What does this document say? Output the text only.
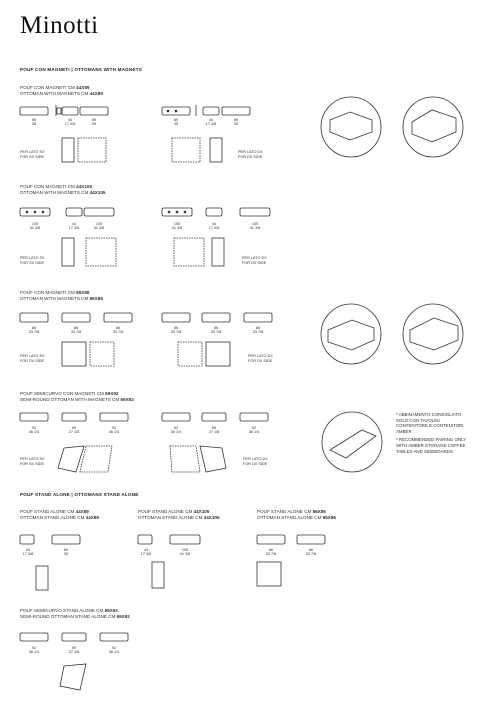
Minotti
POUF CON MAGNETI | OTTOMANS WITH MAGNETS
POUF STAND ALONE | OTTOMANS STAND ALONE
POUF CON MAGNETI CM 44X89
OTTOMAN WITH MAGNETS CM 44X89
POUF CON MAGNETI CM 44X105
OTTOMAN WITH MAGNETS CM 44X105
POUF CON MAGNETI CM 86X86
OTTOMAN WITH MAGNETS CM 86X86
POUF SEMICURVO CON MAGNETI CM 69X92
SEMI-ROUND OTTOMAN WITH MAGNETS CM 69X92
POUF STAND ALONE CM 44X89
OTTOMAN STAND ALONE CM 44X89
POUF STAND ALONE CM 44X105
OTTOMAN STAND ALONE CM 44X105
POUF STAND ALONE CM 86X86
OTTOMAN STAND ALONE CM 86X86
POUF SEMICURVO STAND ALONE CM 69X92
SEMI-ROUND OTTOMAN STAND ALONE CM 69X92
PER LATO SX
FOR SX SIDE
PER LATO DX
FOR DX SIDE
PER LATO SX
FOR SX SIDE
PER LATO DX
FOR DX SIDE
PER LATO SX
FOR SX SIDE
PER LATO DX
FOR DX SIDE
PER LATO SX
FOR SX SIDE
PER LATO DX
FOR DX SIDE
89
35
44
17 3/8
89
35
89
35
44
17 3/8
89
35
105
41 3/8
44
17 3/8
105
41 3/8
105
41 3/8
44
17 3/8
105
41 3/8
86
33 7/8
86
33 7/8
86
33 7/8
86
33 7/8
86
33 7/8
86
33 7/8
92
36 1/4
69
27 1/8
92
36 1/4
92
36 1/4
69
27 1/8
92
36 1/4
44
17 3/8
89
35
44
17 3/8
105
41 3/8
86
33 7/8
86
33 7/8
92
36 1/4
69
27 1/8
92
36 1/4
* ABBINAMENTO CONSIGLIATO SOLO CON TAVOLINI CONTENITORE E CONTENITORI AMBER
* RECOMMENDED PAIRING ONLY WITH AMBER STORAGE COFFEE TABLES AND SIDEBOARDS.
